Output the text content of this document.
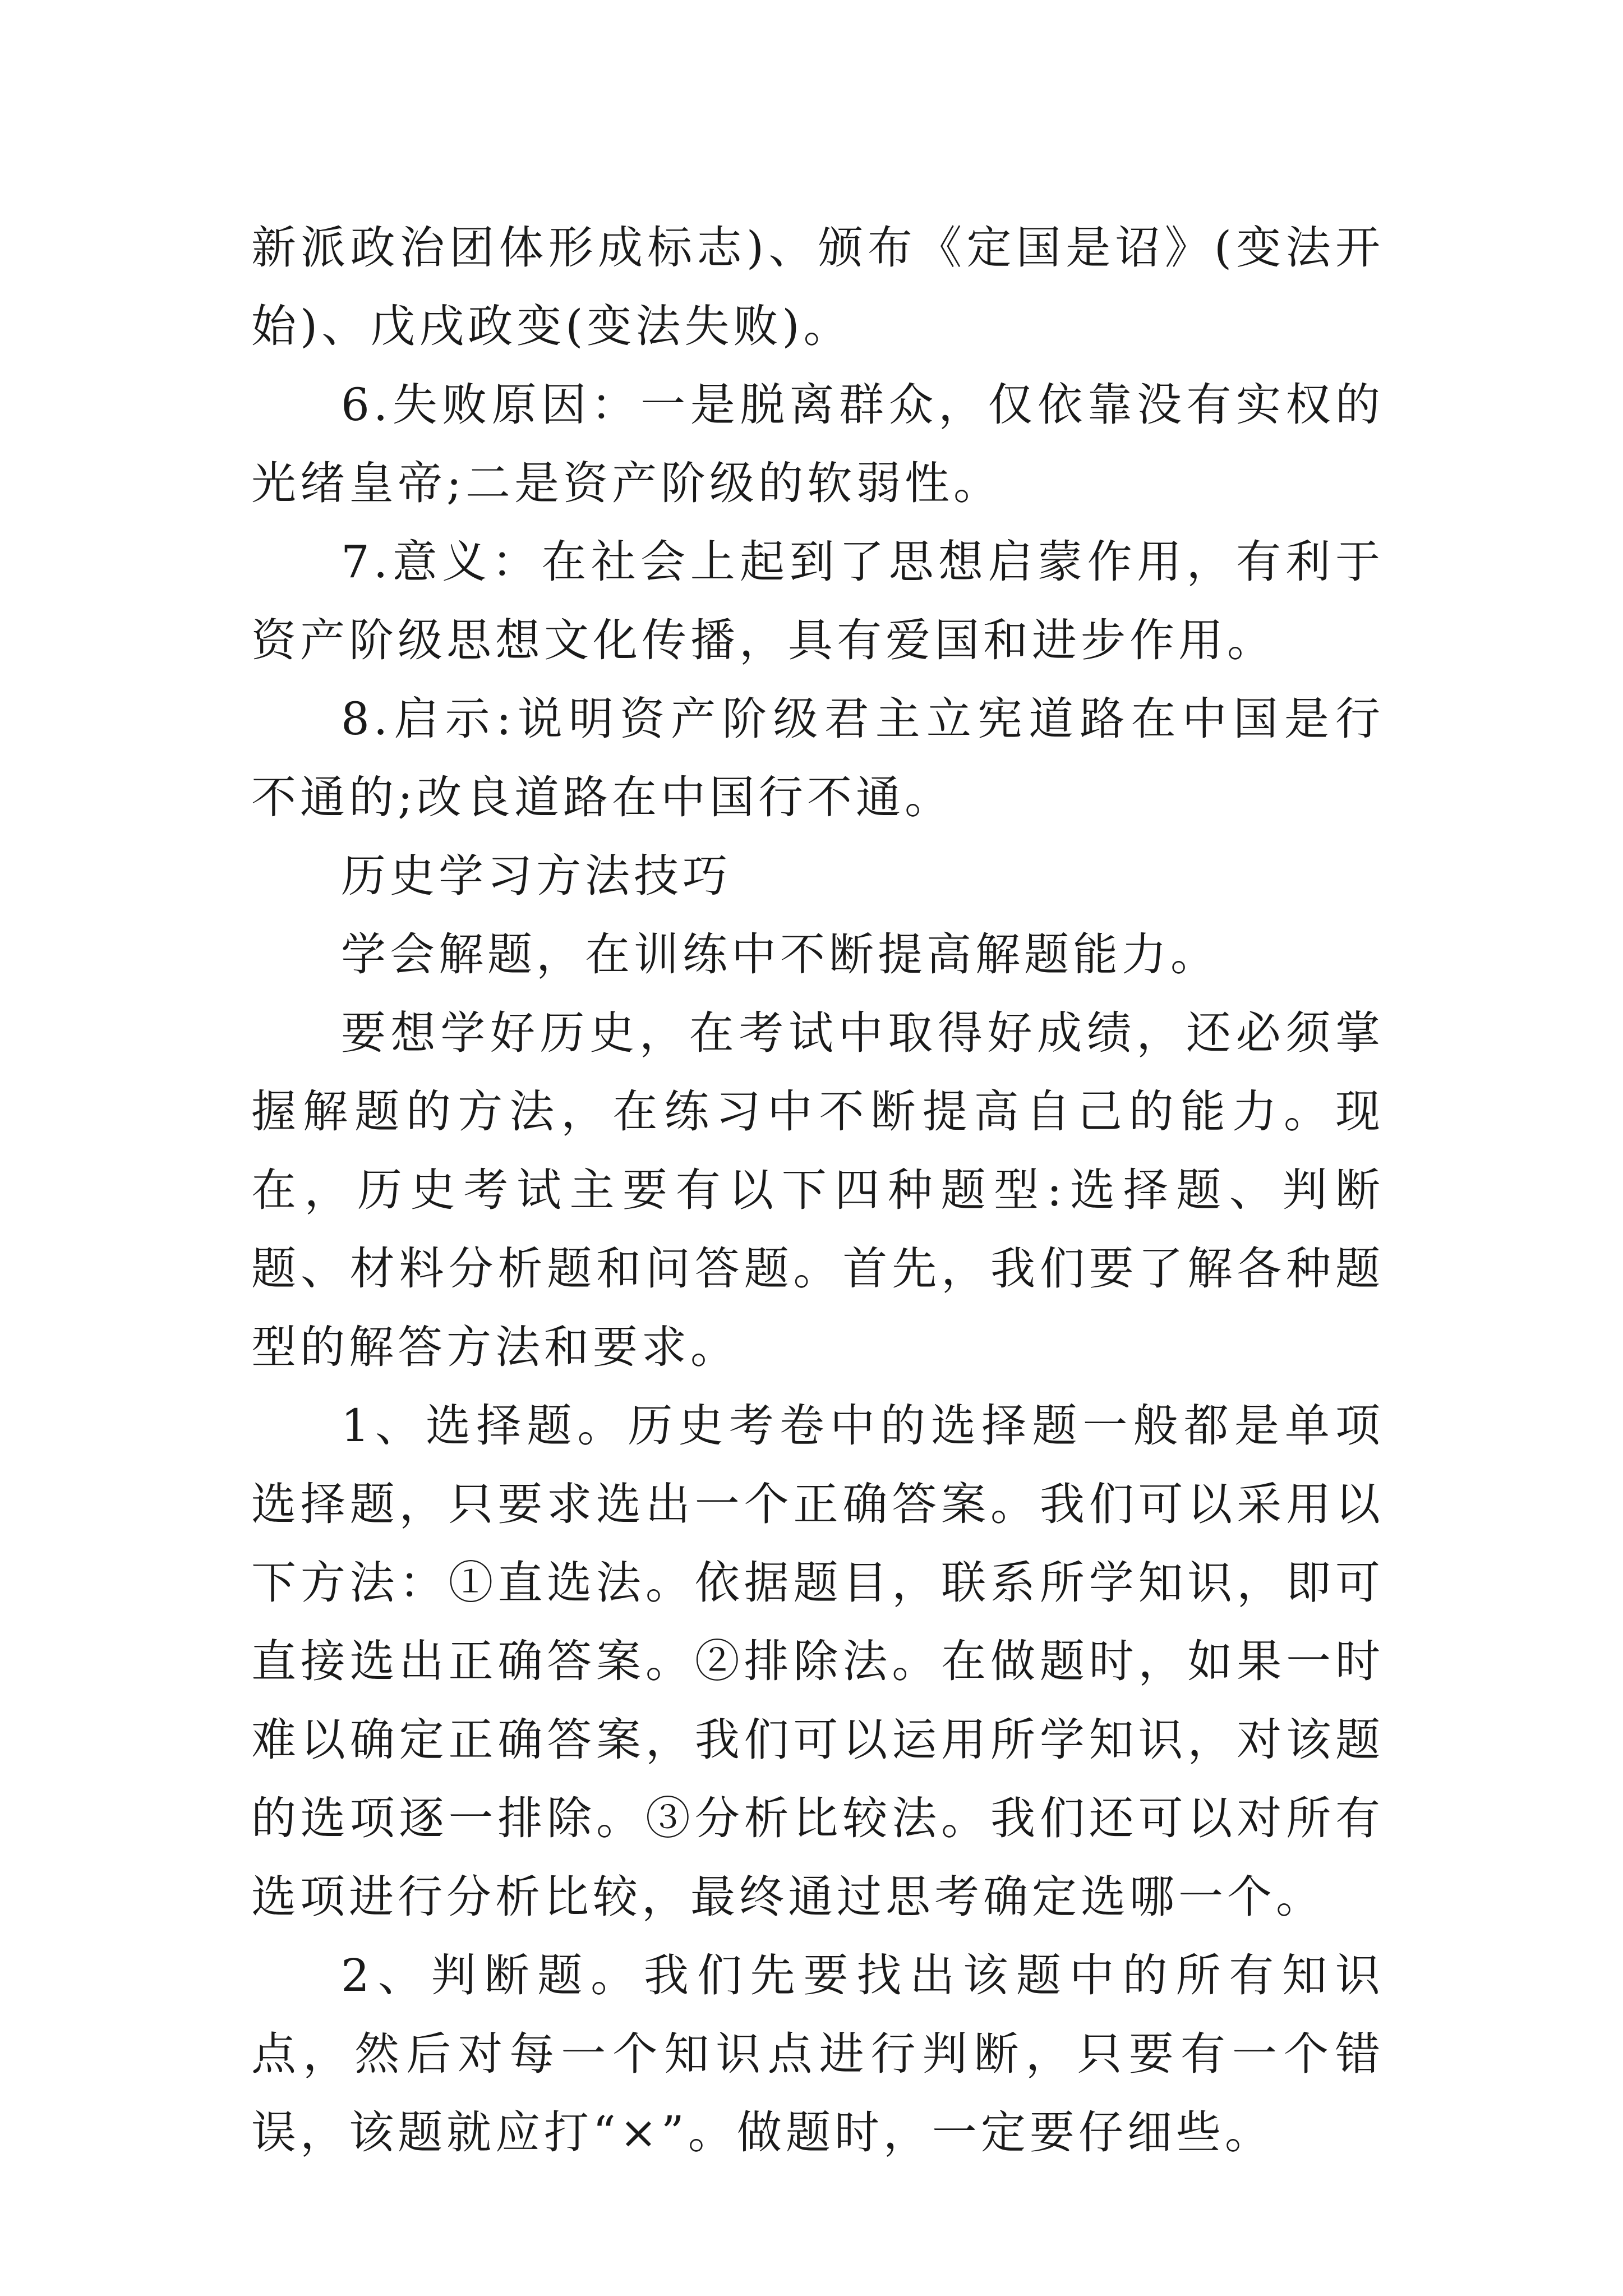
新派政治团体形成标志)、颁布《定国是诏》(变法开始)、戊戌政变(变法失败)。

6.失败原因：一是脱离群众，仅依靠没有实权的光绪皇帝;二是资产阶级的软弱性。

7.意义：在社会上起到了思想启蒙作用，有利于资产阶级思想文化传播，具有爱国和进步作用。

8.启示:说明资产阶级君主立宪道路在中国是行不通的;改良道路在中国行不通。

历史学习方法技巧

学会解题，在训练中不断提高解题能力。

要想学好历史，在考试中取得好成绩，还必须掌握解题的方法，在练习中不断提高自己的能力。现在，历史考试主要有以下四种题型:选择题、判断题、材料分析题和问答题。首先，我们要了解各种题型的解答方法和要求。

1、选择题。历史考卷中的选择题一般都是单项选择题，只要求选出一个正确答案。我们可以采用以下方法：①直选法。依据题目，联系所学知识，即可直接选出正确答案。②排除法。在做题时，如果一时难以确定正确答案，我们可以运用所学知识，对该题的选项逐一排除。③分析比较法。我们还可以对所有选项进行分析比较，最终通过思考确定选哪一个。

2、判断题。我们先要找出该题中的所有知识点，然后对每一个知识点进行判断，只要有一个错误，该题就应打“×”。做题时，一定要仔细些。
